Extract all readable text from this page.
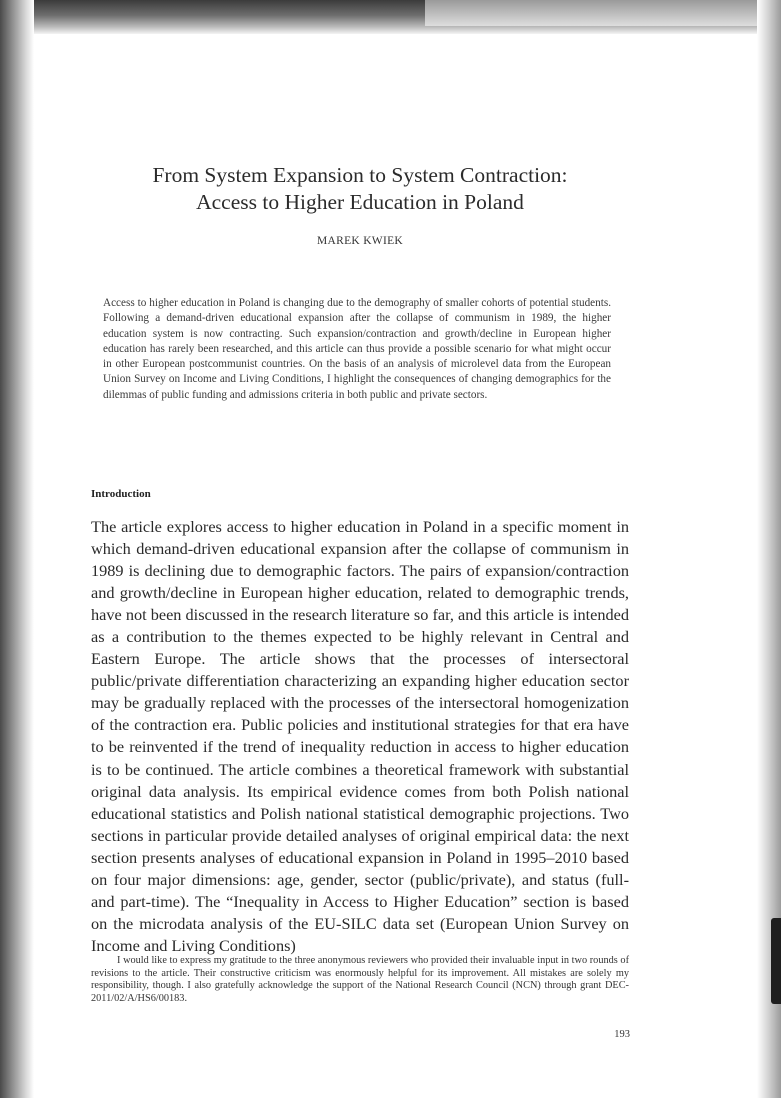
From System Expansion to System Contraction:
Access to Higher Education in Poland
MAREK KWIEK
Access to higher education in Poland is changing due to the demography of smaller cohorts of potential students. Following a demand-driven educational expansion after the collapse of communism in 1989, the higher education system is now contracting. Such expansion/contraction and growth/decline in European higher education has rarely been researched, and this article can thus provide a possible scenario for what might occur in other European postcommunist countries. On the basis of an analysis of microlevel data from the European Union Survey on Income and Living Conditions, I highlight the consequences of changing demographics for the dilemmas of public funding and admissions criteria in both public and private sectors.
Introduction
The article explores access to higher education in Poland in a specific moment in which demand-driven educational expansion after the collapse of communism in 1989 is declining due to demographic factors. The pairs of expansion/contraction and growth/decline in European higher education, related to demographic trends, have not been discussed in the research literature so far, and this article is intended as a contribution to the themes expected to be highly relevant in Central and Eastern Europe. The article shows that the processes of intersectoral public/private differentiation characterizing an expanding higher education sector may be gradually replaced with the processes of the intersectoral homogenization of the contraction era. Public policies and institutional strategies for that era have to be reinvented if the trend of inequality reduction in access to higher education is to be continued. The article combines a theoretical framework with substantial original data analysis. Its empirical evidence comes from both Polish national educational statistics and Polish national statistical demographic projections. Two sections in particular provide detailed analyses of original empirical data: the next section presents analyses of educational expansion in Poland in 1995–2010 based on four major dimensions: age, gender, sector (public/private), and status (full- and part-time). The “Inequality in Access to Higher Education” section is based on the microdata analysis of the EU-SILC data set (European Union Survey on Income and Living Conditions)
I would like to express my gratitude to the three anonymous reviewers who provided their invaluable input in two rounds of revisions to the article. Their constructive criticism was enormously helpful for its improvement. All mistakes are solely my responsibility, though. I also gratefully acknowledge the support of the National Research Council (NCN) through grant DEC-2011/02/A/HS6/00183.
193
